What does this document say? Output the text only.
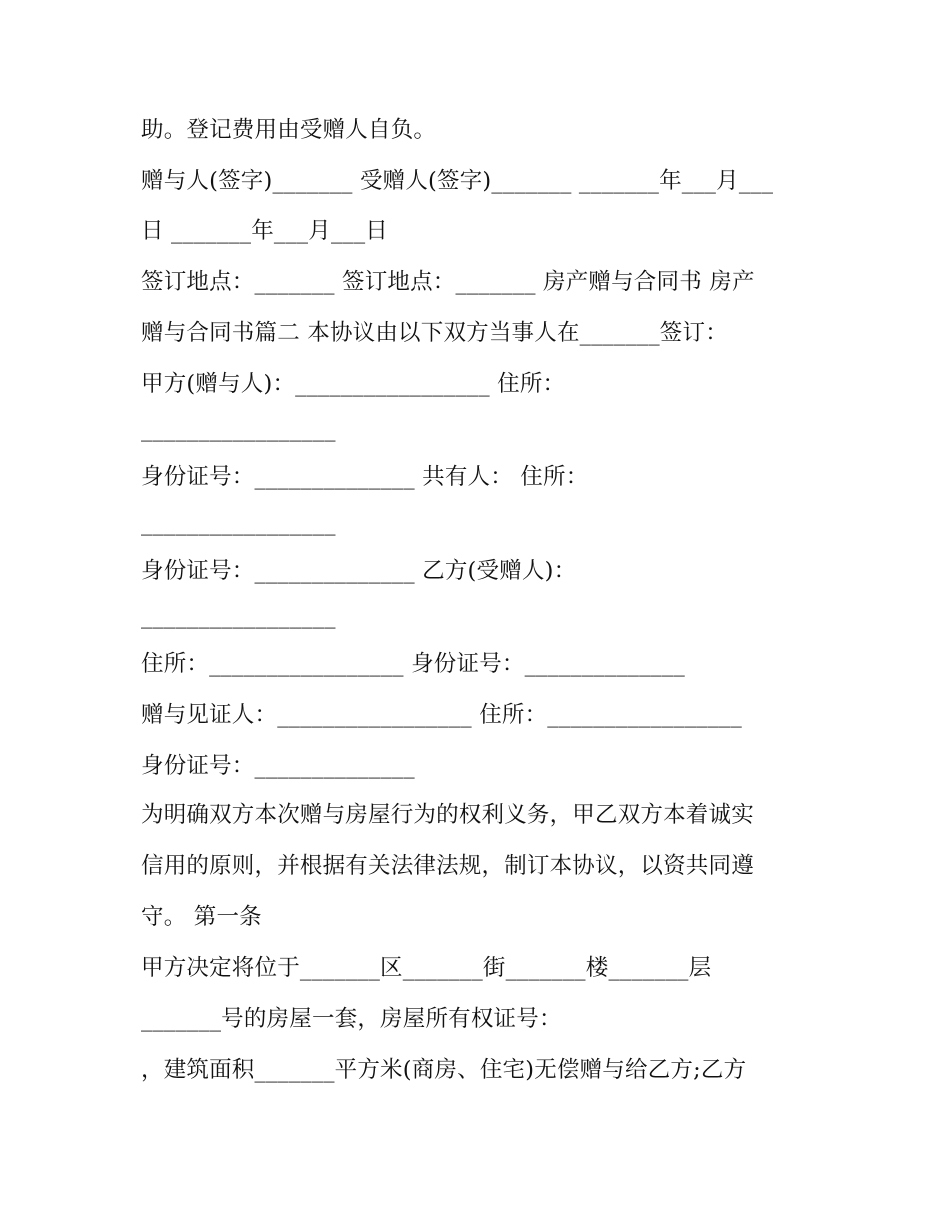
助。登记费用由受赠人自负。
赠与人(签字)_______ 受赠人(签字)_______ _______年___月___
日 _______年___月___日
签订地点：_______ 签订地点：_______ 房产赠与合同书 房产
赠与合同书篇二 本协议由以下双方当事人在_______签订：
甲方(赠与人)：_________________ 住所：
_________________
身份证号：______________ 共有人： 住所：
_________________
身份证号：______________ 乙方(受赠人)：
_________________
住所：_________________ 身份证号：______________
赠与见证人：_________________ 住所：_________________
身份证号：______________
为明确双方本次赠与房屋行为的权利义务，甲乙双方本着诚实
信用的原则，并根据有关法律法规，制订本协议，以资共同遵
守。 第一条
甲方决定将位于_______区_______街_______楼_______层
_______号的房屋一套，房屋所有权证号：
，建筑面积_______平方米(商房、住宅)无偿赠与给乙方;乙方
